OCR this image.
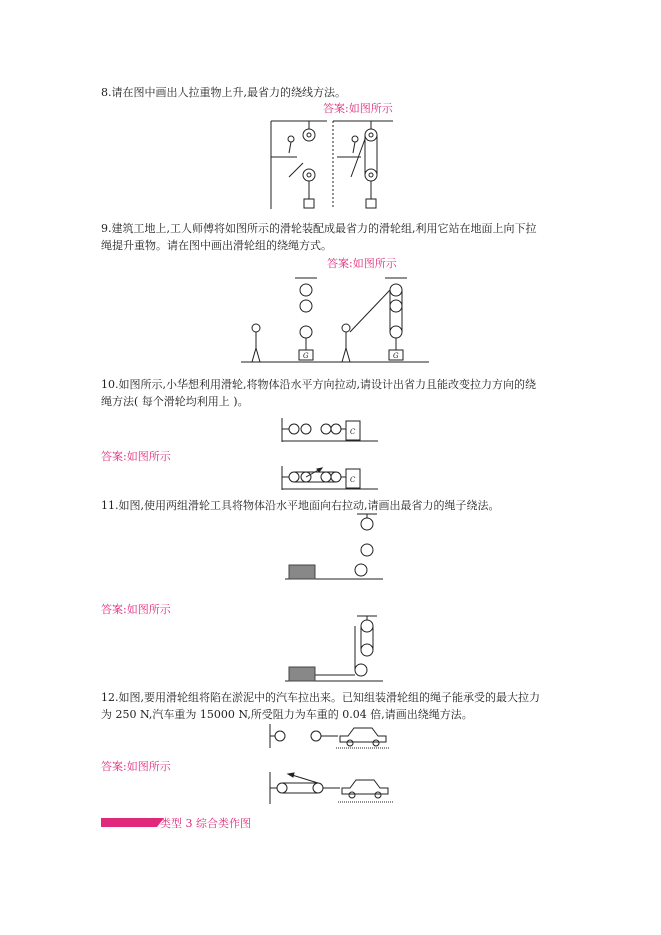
8.请在图中画出人拉重物上升,最省力的绕线方法。
答案:如图所示
9.建筑工地上,工人师傅将如图所示的滑轮装配成最省力的滑轮组,利用它站在地面上向下拉
绳提升重物。请在图中画出滑轮组的绕绳方式。
答案:如图所示
G	G
10.如图所示,小华想利用滑轮,将物体沿水平方向拉动,请设计出省力且能改变拉力方向的绕
绳方法( 每个滑轮均利用上 )。
C
答案:如图所示
C
11.如图,使用两组滑轮工具将物体沿水平地面向右拉动,请画出最省力的绳子绕法。
答案:如图所示
12.如图,要用滑轮组将陷在淤泥中的汽车拉出来。已知组装滑轮组的绳子能承受的最大拉力
为 250 N,汽车重为 15000 N,所受阻力为车重的 0.04 倍,请画出绕绳方法。
答案:如图所示
类型 3 综合类作图
